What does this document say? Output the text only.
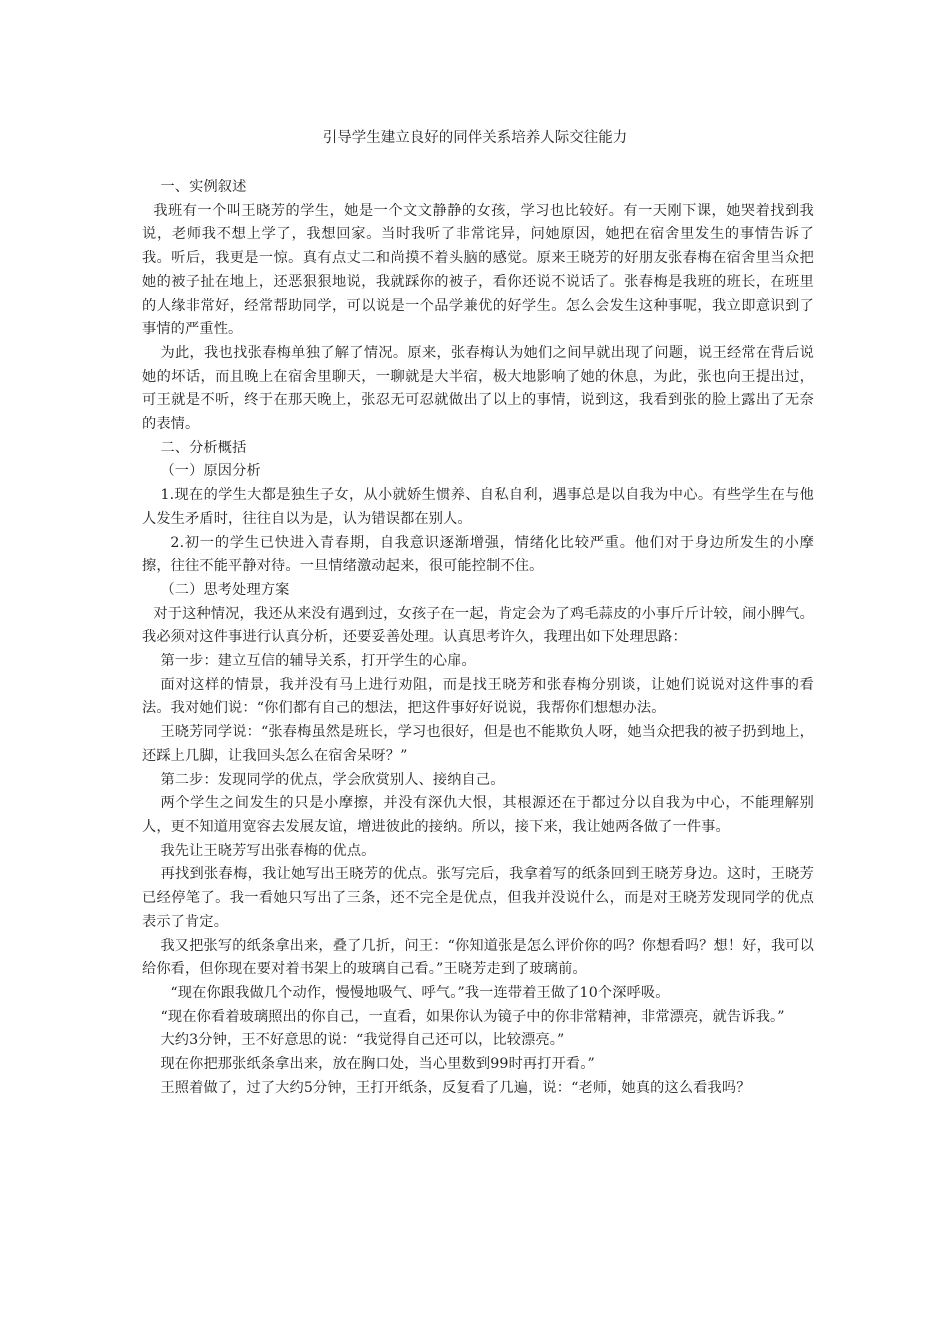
引导学生建立良好的同伴关系培养人际交往能力

一、实例叙述

我班有一个叫王晓芳的学生，她是一个文文静静的女孩，学习也比较好。有一天刚下课，她哭着找到我说，老师我不想上学了，我想回家。当时我听了非常诧异，问她原因，她把在宿舍里发生的事情告诉了我。听后，我更是一惊。真有点丈二和尚摸不着头脑的感觉。原来王晓芳的好朋友张春梅在宿舍里当众把她的被子扯在地上，还恶狠狠地说，我就踩你的被子，看你还说不说话了。张春梅是我班的班长，在班里的人缘非常好，经常帮助同学，可以说是一个品学兼优的好学生。怎么会发生这种事呢，我立即意识到了事情的严重性。

为此，我也找张春梅单独了解了情况。原来，张春梅认为她们之间早就出现了问题，说王经常在背后说她的坏话，而且晚上在宿舍里聊天，一聊就是大半宿，极大地影响了她的休息，为此，张也向王提出过，可王就是不听，终于在那天晚上，张忍无可忍就做出了以上的事情，说到这，我看到张的脸上露出了无奈的表情。

二、分析概括

（一）原因分析

1.现在的学生大都是独生子女，从小就娇生惯养、自私自利，遇事总是以自我为中心。有些学生在与他人发生矛盾时，往往自以为是，认为错误都在别人。

2.初一的学生已快进入青春期，自我意识逐渐增强，情绪化比较严重。他们对于身边所发生的小摩擦，往往不能平静对待。一旦情绪激动起来，很可能控制不住。

（二）思考处理方案

对于这种情况，我还从来没有遇到过，女孩子在一起，肯定会为了鸡毛蒜皮的小事斤斤计较，闹小脾气。我必须对这件事进行认真分析，还要妥善处理。认真思考许久，我理出如下处理思路：

第一步：建立互信的辅导关系，打开学生的心扉。

面对这样的情景，我并没有马上进行劝阻，而是找王晓芳和张春梅分别谈，让她们说说对这件事的看法。我对她们说：“你们都有自己的想法，把这件事好好说说，我帮你们想想办法。

王晓芳同学说：“张春梅虽然是班长，学习也很好，但是也不能欺负人呀，她当众把我的被子扔到地上，还踩上几脚，让我回头怎么在宿舍呆呀？”

第二步：发现同学的优点，学会欣赏别人、接纳自己。

两个学生之间发生的只是小摩擦，并没有深仇大恨，其根源还在于都过分以自我为中心，不能理解别人，更不知道用宽容去发展友谊，增进彼此的接纳。所以，接下来，我让她两各做了一件事。

我先让王晓芳写出张春梅的优点。

再找到张春梅，我让她写出王晓芳的优点。张写完后，我拿着写的纸条回到王晓芳身边。这时，王晓芳已经停笔了。我一看她只写出了三条，还不完全是优点，但我并没说什么，而是对王晓芳发现同学的优点表示了肯定。

我又把张写的纸条拿出来，叠了几折，问王：“你知道张是怎么评价你的吗？你想看吗？想！好，我可以给你看，但你现在要对着书架上的玻璃自己看。”王晓芳走到了玻璃前。

“现在你跟我做几个动作，慢慢地吸气、呼气。”我一连带着王做了10个深呼吸。

“现在你看着玻璃照出的你自己，一直看，如果你认为镜子中的你非常精神，非常漂亮，就告诉我。”

大约3分钟，王不好意思的说：“我觉得自己还可以，比较漂亮。”

现在你把那张纸条拿出来，放在胸口处，当心里数到99时再打开看。”

王照着做了，过了大约5分钟，王打开纸条，反复看了几遍，说：“老师，她真的这么看我吗？
